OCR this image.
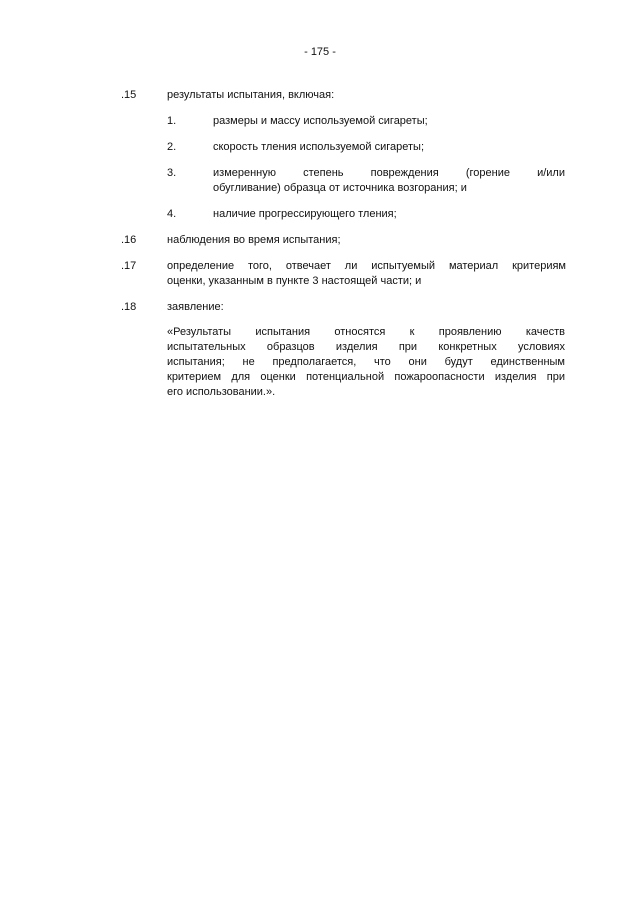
- 175 -
.15	результаты испытания, включая:
1.	размеры и массу используемой сигареты;
2.	скорость тления используемой сигареты;
3.	измеренную степень повреждения (горение и/или
обугливание) образца от источника возгорания; и
4.	наличие прогрессирующего тления;
.16	наблюдения во время испытания;
.17	определение того, отвечает ли испытуемый материал критериям
оценки, указанным в пункте 3 настоящей части; и
.18	заявление:
«Результаты испытания относятся к проявлению качеств
испытательных образцов изделия при конкретных условиях
испытания; не предполагается, что они будут единственным
критерием для оценки потенциальной пожароопасности изделия при
его использовании.».
